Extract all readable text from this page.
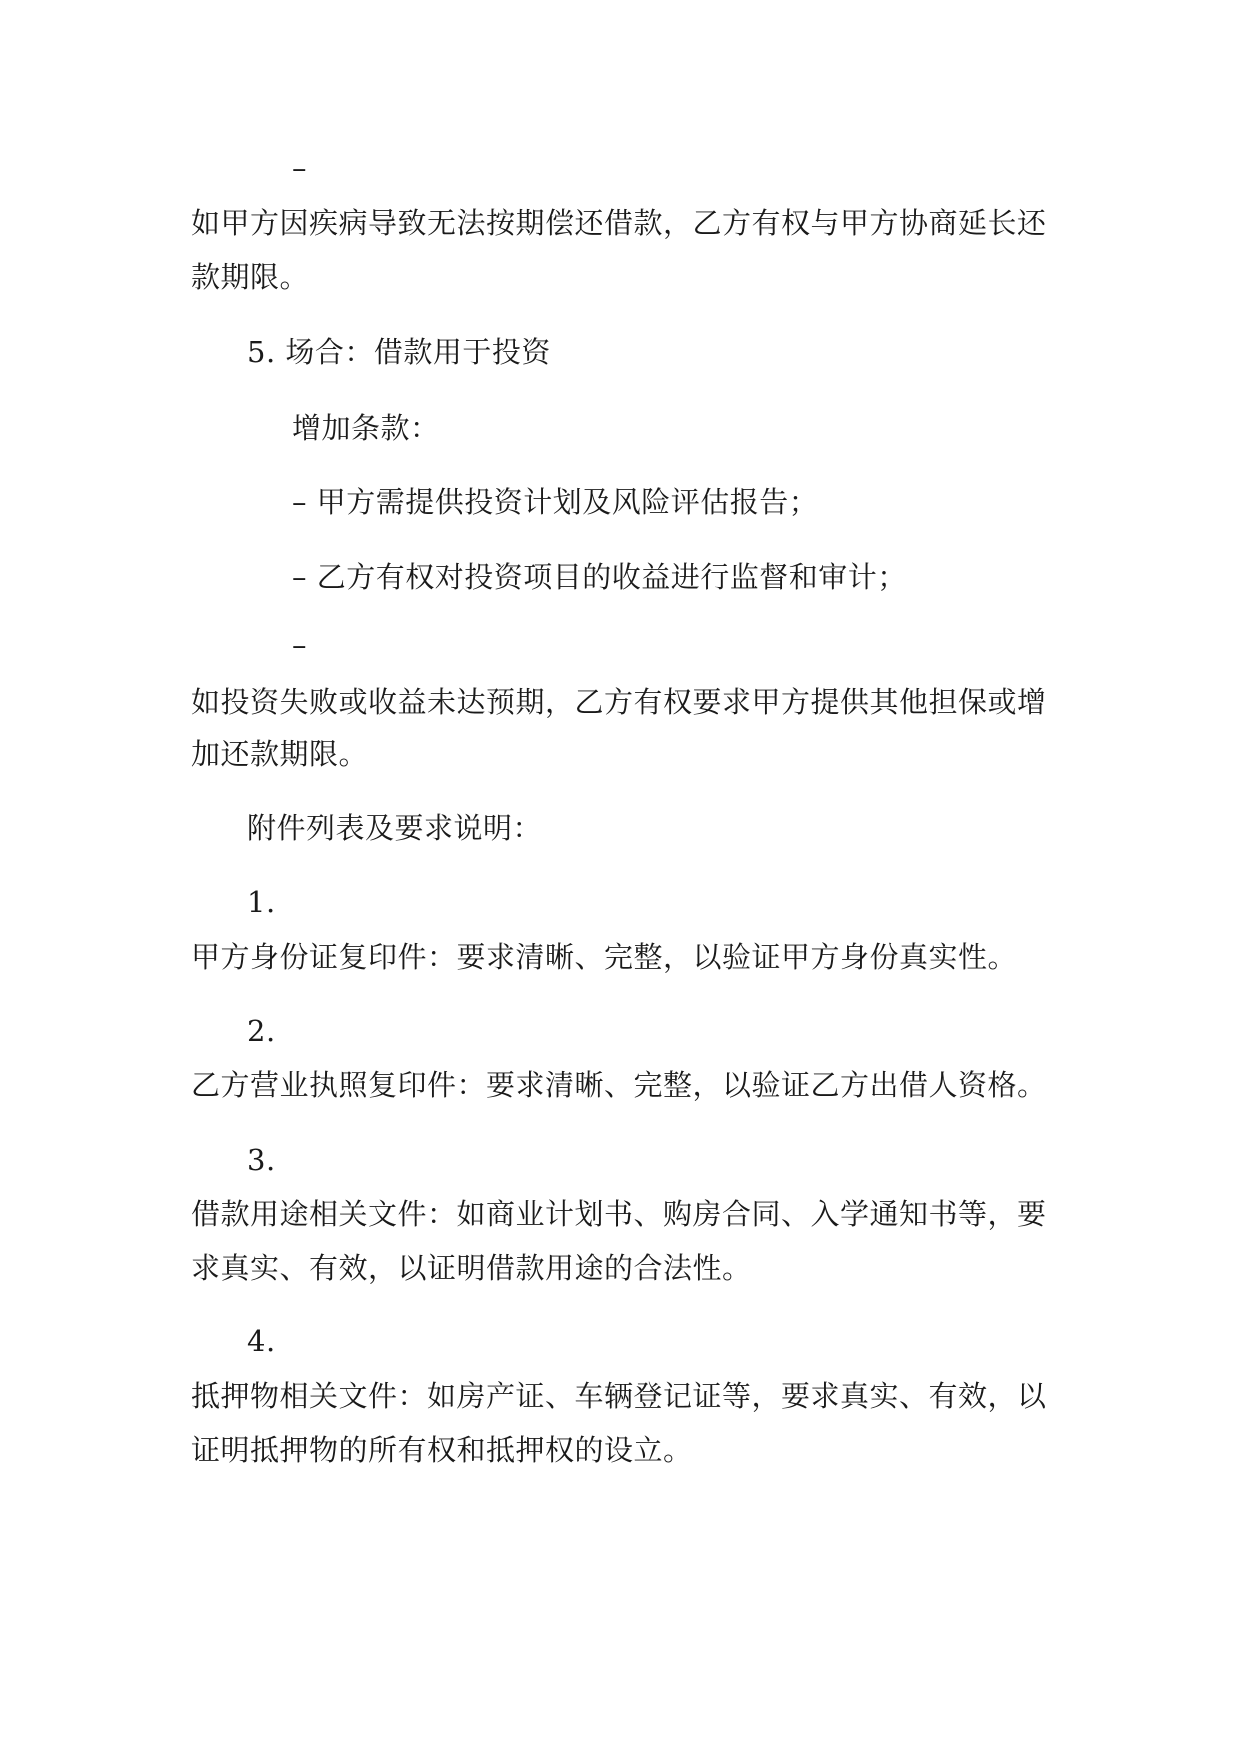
–
如甲方因疾病导致无法按期偿还借款，乙方有权与甲方协商延长还
款期限。
5. 场合：借款用于投资
增加条款：
– 甲方需提供投资计划及风险评估报告；
– 乙方有权对投资项目的收益进行监督和审计；
–
如投资失败或收益未达预期，乙方有权要求甲方提供其他担保或增
加还款期限。
附件列表及要求说明：
1.
甲方身份证复印件：要求清晰、完整，以验证甲方身份真实性。
2.
乙方营业执照复印件：要求清晰、完整，以验证乙方出借人资格。
3.
借款用途相关文件：如商业计划书、购房合同、入学通知书等，要
求真实、有效，以证明借款用途的合法性。
4.
抵押物相关文件：如房产证、车辆登记证等，要求真实、有效，以
证明抵押物的所有权和抵押权的设立。
